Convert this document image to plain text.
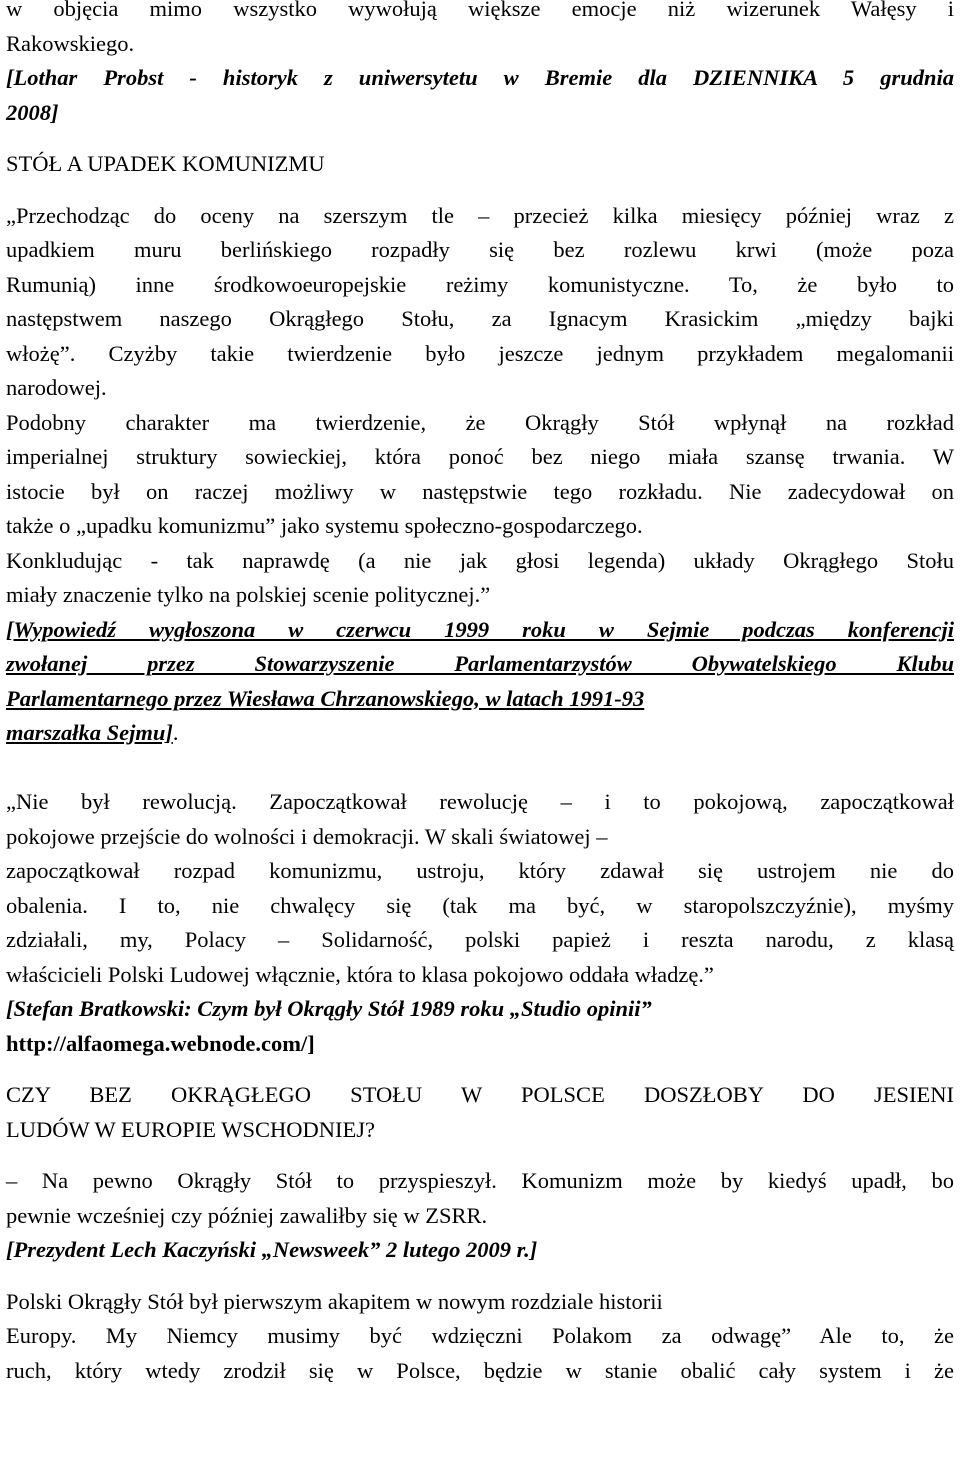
w objęcia mimo wszystko wywołują większe emocje niż wizerunek Wałęsy i
Rakowskiego.
[Lothar Probst - historyk z uniwersytetu w Bremie dla DZIENNIKA 5 grudnia
2008]
STÓŁ A UPADEK KOMUNIZMU
„Przechodząc do oceny na szerszym tle – przecież kilka miesięcy później wraz z
upadkiem muru berlińskiego rozpadły się bez rozlewu krwi (może poza
Rumunią) inne środkowoeuropejskie reżimy komunistyczne. To, że było to
następstwem naszego Okrągłego Stołu, za Ignacym Krasickim „między bajki
włożę”. Czyżby takie twierdzenie było jeszcze jednym przykładem megalomanii
narodowej.
Podobny charakter ma twierdzenie, że Okrągły Stół wpłynął na rozkład
imperialnej struktury sowieckiej, która ponoć bez niego miała szansę trwania. W
istocie był on raczej możliwy w następstwie tego rozkładu. Nie zadecydował on
także o „upadku komunizmu” jako systemu społeczno-gospodarczego.
Konkludując - tak naprawdę (a nie jak głosi legenda) układy Okrągłego Stołu
miały znaczenie tylko na polskiej scenie politycznej.”
[Wypowiedź wygłoszona w czerwcu 1999 roku w Sejmie podczas konferencji
zwołanej przez Stowarzyszenie Parlamentarzystów Obywatelskiego Klubu
Parlamentarnego przez Wiesława Chrzanowskiego, w latach 1991-93
marszałka Sejmu].
„Nie był rewolucją. Zapoczątkował rewolucję – i to pokojową, zapoczątkował
pokojowe przejście do wolności i demokracji. W skali światowej –
zapoczątkował rozpad komunizmu, ustroju, który zdawał się ustrojem nie do
obalenia. I to, nie chwalęcy się (tak ma być, w staropolszczyźnie), myśmy
zdziałali, my, Polacy – Solidarność, polski papież i reszta narodu, z klasą
właścicieli Polski Ludowej włącznie, która to klasa pokojowo oddała władzę.”
[Stefan Bratkowski: Czym był Okrągły Stół 1989 roku „Studio opinii”
http://alfaomega.webnode.com/]
CZY BEZ OKRĄGŁEGO STOŁU W POLSCE DOSZŁOBY DO JESIENI
LUDÓW W EUROPIE WSCHODNIEJ?
– Na pewno Okrągły Stół to przyspieszył. Komunizm może by kiedyś upadł, bo
pewnie wcześniej czy później zawaliłby się w ZSRR.
[Prezydent Lech Kaczyński „Newsweek” 2 lutego 2009 r.]
Polski Okrągły Stół był pierwszym akapitem w nowym rozdziale historii
Europy. My Niemcy musimy być wdzięczni Polakom za odwagę” Ale to, że
ruch, który wtedy zrodził się w Polsce, będzie w stanie obalić cały system i że
